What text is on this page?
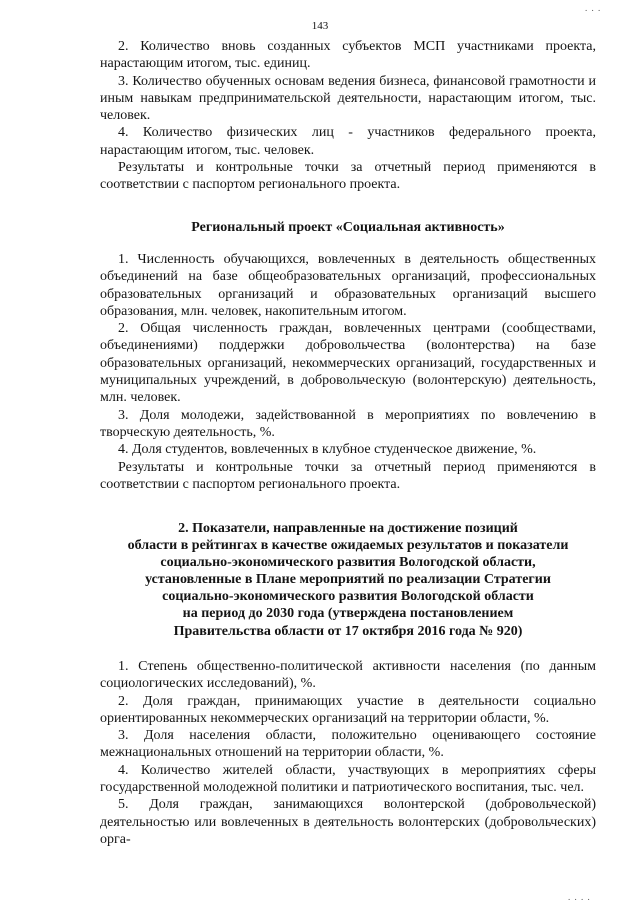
. . .
143

2. Количество вновь созданных субъектов МСП участниками проекта, нарастающим итогом, тыс. единиц.

3. Количество обученных основам ведения бизнеса, финансовой грамотности и иным навыкам предпринимательской деятельности, нарастающим итогом, тыс. человек.

4. Количество физических лиц - участников федерального проекта, нарастающим итогом, тыс. человек.

Результаты и контрольные точки за отчетный период применяются в соответствии с паспортом регионального проекта.

Региональный проект «Социальная активность»

1. Численность обучающихся, вовлеченных в деятельность общественных объединений на базе общеобразовательных организаций, профессиональных образовательных организаций и образовательных организаций высшего образования, млн. человек, накопительным итогом.

2. Общая численность граждан, вовлеченных центрами (сообществами, объединениями) поддержки добровольчества (волонтерства) на базе образовательных организаций, некоммерческих организаций, государственных и муниципальных учреждений, в добровольческую (волонтерскую) деятельность, млн. человек.

3. Доля молодежи, задействованной в мероприятиях по вовлечению в творческую деятельность, %.

4. Доля студентов, вовлеченных в клубное студенческое движение, %.

Результаты и контрольные точки за отчетный период применяются в соответствии с паспортом регионального проекта.

2. Показатели, направленные на достижение позиций
области в рейтингах в качестве ожидаемых результатов и показатели
социально-экономического развития Вологодской области,
установленные в Плане мероприятий по реализации Стратегии
социально-экономического развития Вологодской области
на период до 2030 года (утверждена постановлением
Правительства области от 17 октября 2016 года № 920)

1. Степень общественно-политической активности населения (по данным социологических исследований), %.

2. Доля граждан, принимающих участие в деятельности социально ориентированных некоммерческих организаций на территории области, %.

3. Доля населения области, положительно оценивающего состояние межнациональных отношений на территории области, %.

4. Количество жителей области, участвующих в мероприятиях сферы государственной молодежной политики и патриотического воспитания, тыс. чел.

5. Доля граждан, занимающихся волонтерской (добровольческой) деятельностью или вовлеченных в деятельность волонтерских (добровольческих) орга-

. . . .
